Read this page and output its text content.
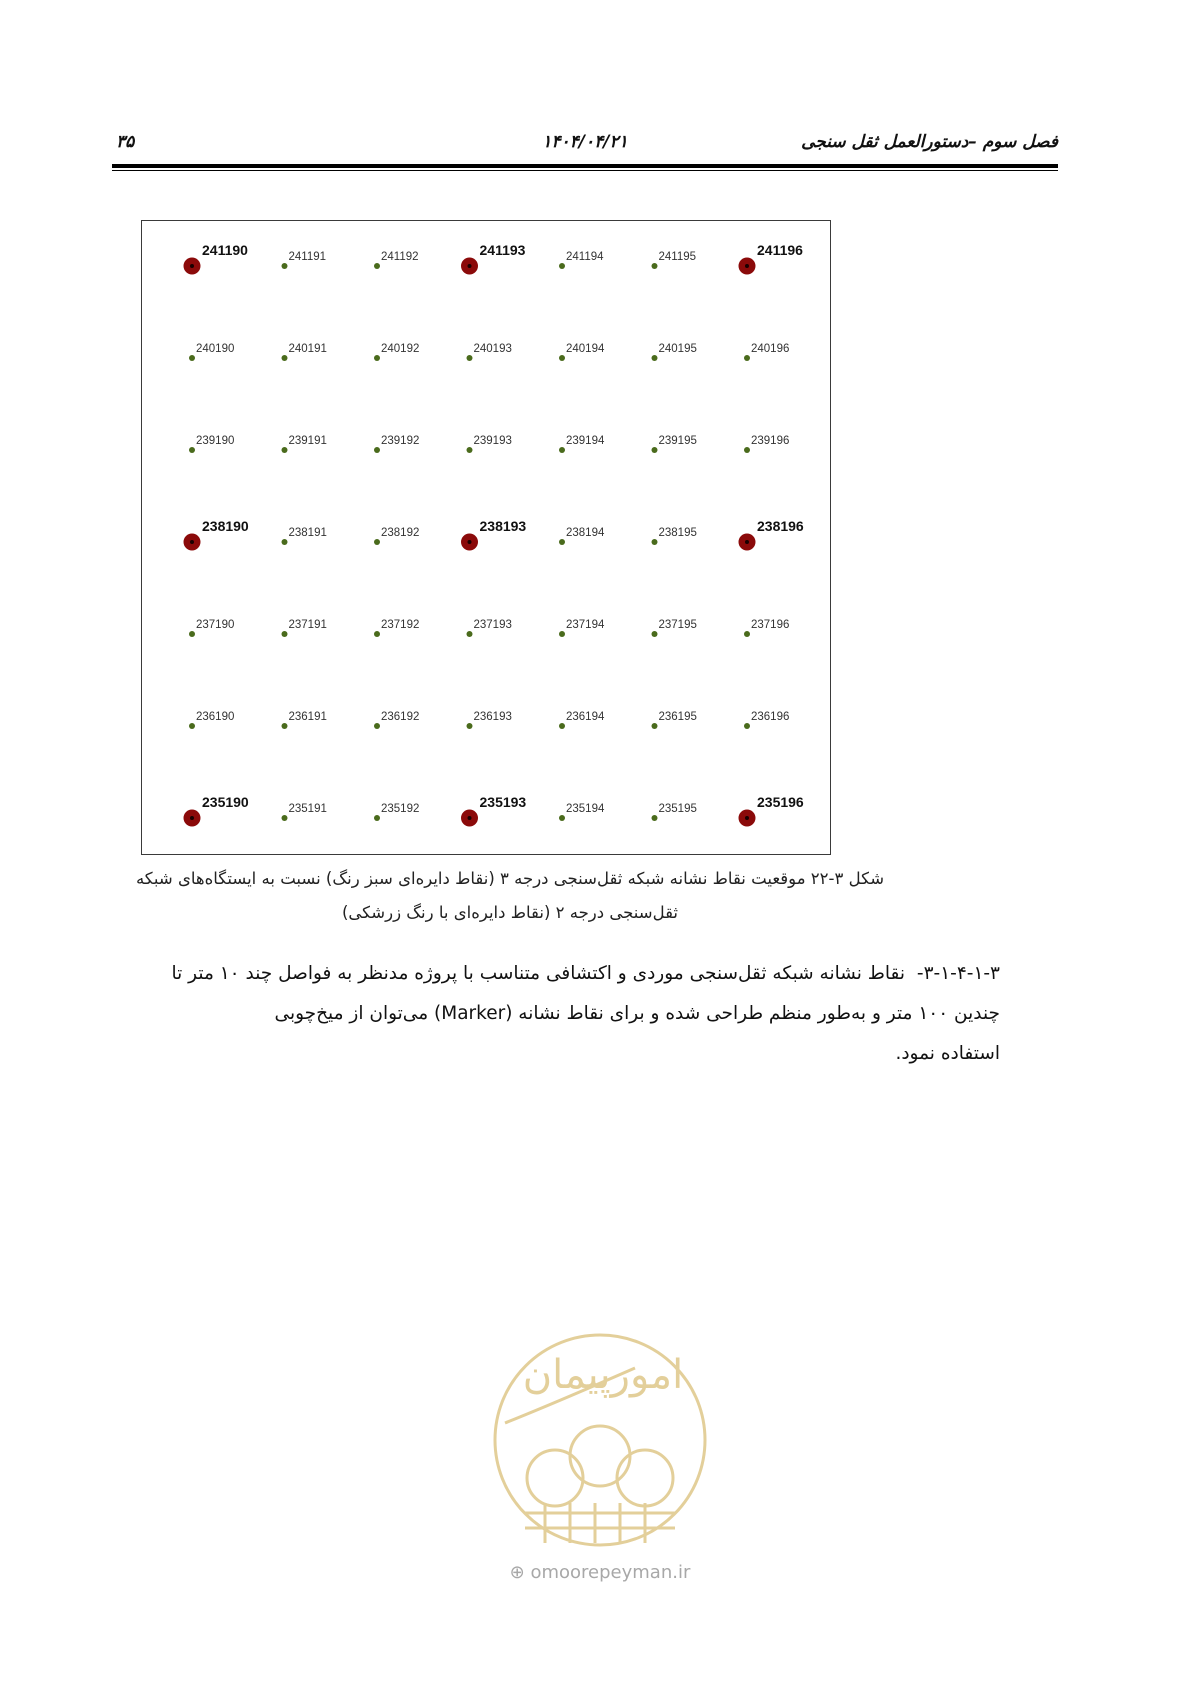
۳۵	۱۴۰۴/۰۴/۲۱	فصل سوم –دستورالعمل ثقل سنجی
241190	241191	241192	241193	241194	241195	241196
240190	240191	240192	240193	240194	240195	240196
239190	239191	239192	239193	239194	239195	239196
238190	238191	238192	238193	238194	238195	238196
237190	237191	237192	237193	237194	237195	237196
236190	236191	236192	236193	236194	236195	236196
235190	235191	235192	235193	235194	235195	235196
شکل ۳-۲۲ موقعیت نقاط نشانه شبکه ثقل‌سنجی درجه ۳ (نقاط دایره‌ای سبز رنگ) نسبت به ایستگاه‌های شبکه
ثقل‌سنجی درجه ۲ (نقاط دایره‌ای با رنگ زرشکی)
۳-۱-۴-۱-۳- نقاط نشانه شبکه ثقل‌سنجی موردی و اکتشافی متناسب با پروژه مدنظر به فواصل چند ۱۰ متر تا
چندین ۱۰۰ متر و به‌طور منظم طراحی شده و برای نقاط نشانه (Marker) می‌توان از میخ‌چوبی
استفاده نمود.
امورپیمان
⊕ omoorepeyman.ir
